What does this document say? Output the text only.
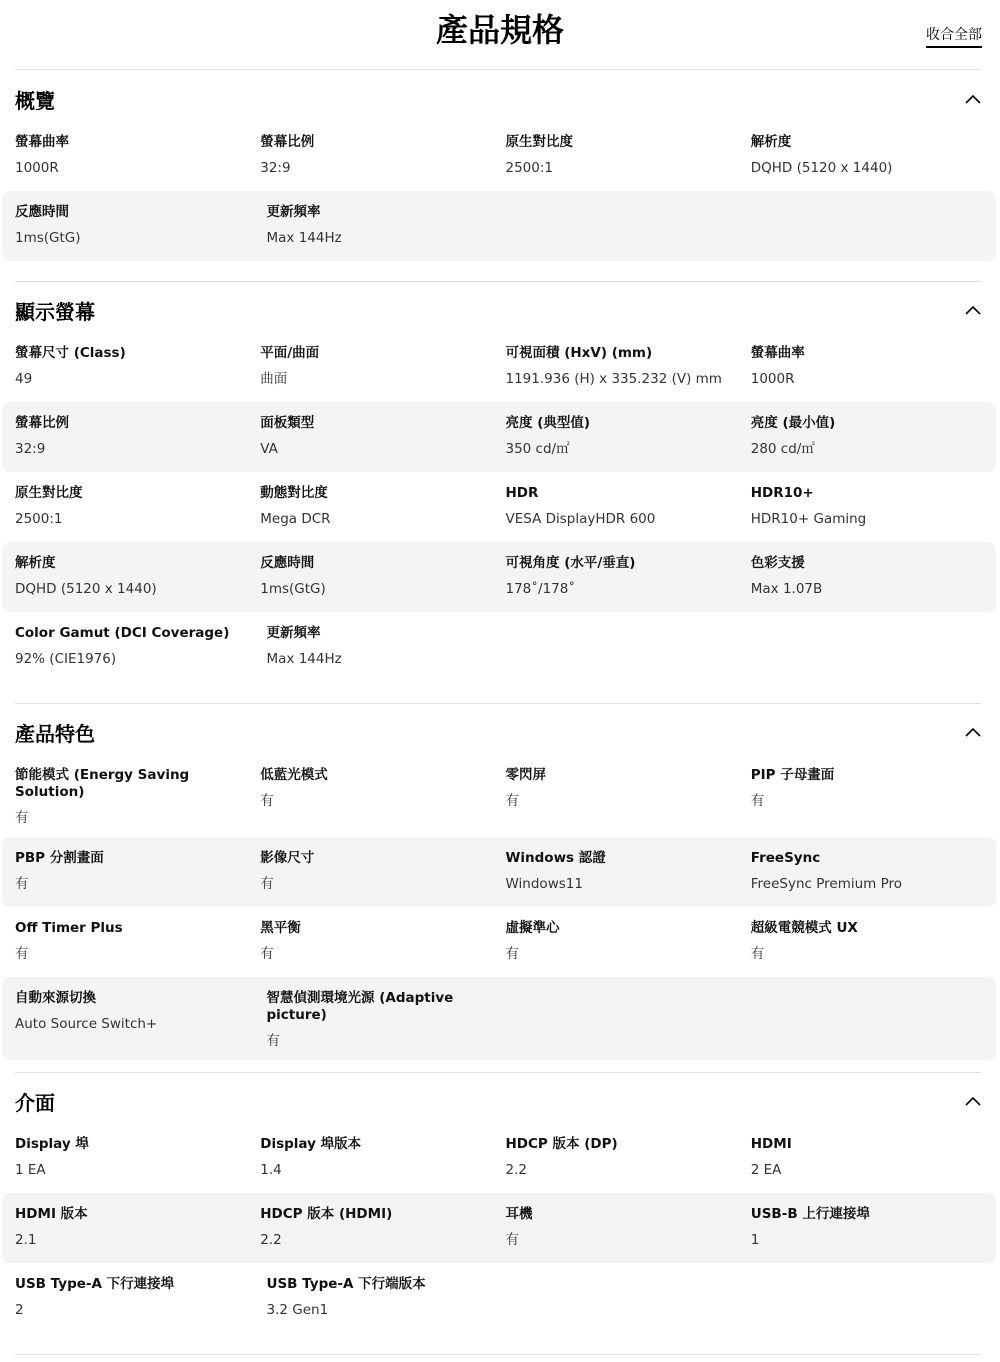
產品規格	收合全部
概覽
螢幕曲率
1000R
螢幕比例
32:9
原生對比度
2500:1
解析度
DQHD (5120 x 1440)
反應時間
1ms(GtG)
更新頻率
Max 144Hz
顯示螢幕
螢幕尺寸 (Class)
49
平面/曲面
曲面
可視面積 (HxV) (mm)
1191.936 (H) x 335.232 (V) mm
螢幕曲率
1000R
螢幕比例
32:9
面板類型
VA
亮度 (典型值)
350 cd/㎡
亮度 (最小值)
280 cd/㎡
原生對比度
2500:1
動態對比度
Mega DCR
HDR
VESA DisplayHDR 600
HDR10+
HDR10+ Gaming
解析度
DQHD (5120 x 1440)
反應時間
1ms(GtG)
可視角度 (水平/垂直)
178˚/178˚
色彩支援
Max 1.07B
Color Gamut (DCI Coverage)
92% (CIE1976)
更新頻率
Max 144Hz
產品特色
節能模式 (Energy Saving Solution)
有
低藍光模式
有
零閃屏
有
PIP 子母畫面
有
PBP 分割畫面
有
影像尺寸
有
Windows 認證
Windows11
FreeSync
FreeSync Premium Pro
Off Timer Plus
有
黑平衡
有
虛擬準心
有
超級電競模式 UX
有
自動來源切換
Auto Source Switch+
智慧偵測環境光源 (Adaptive picture)
有
介面
Display 埠
1 EA
Display 埠版本
1.4
HDCP 版本 (DP)
2.2
HDMI
2 EA
HDMI 版本
2.1
HDCP 版本 (HDMI)
2.2
耳機
有
USB-B 上行連接埠
1
USB Type-A 下行連接埠
2
USB Type-A 下行端版本
3.2 Gen1
